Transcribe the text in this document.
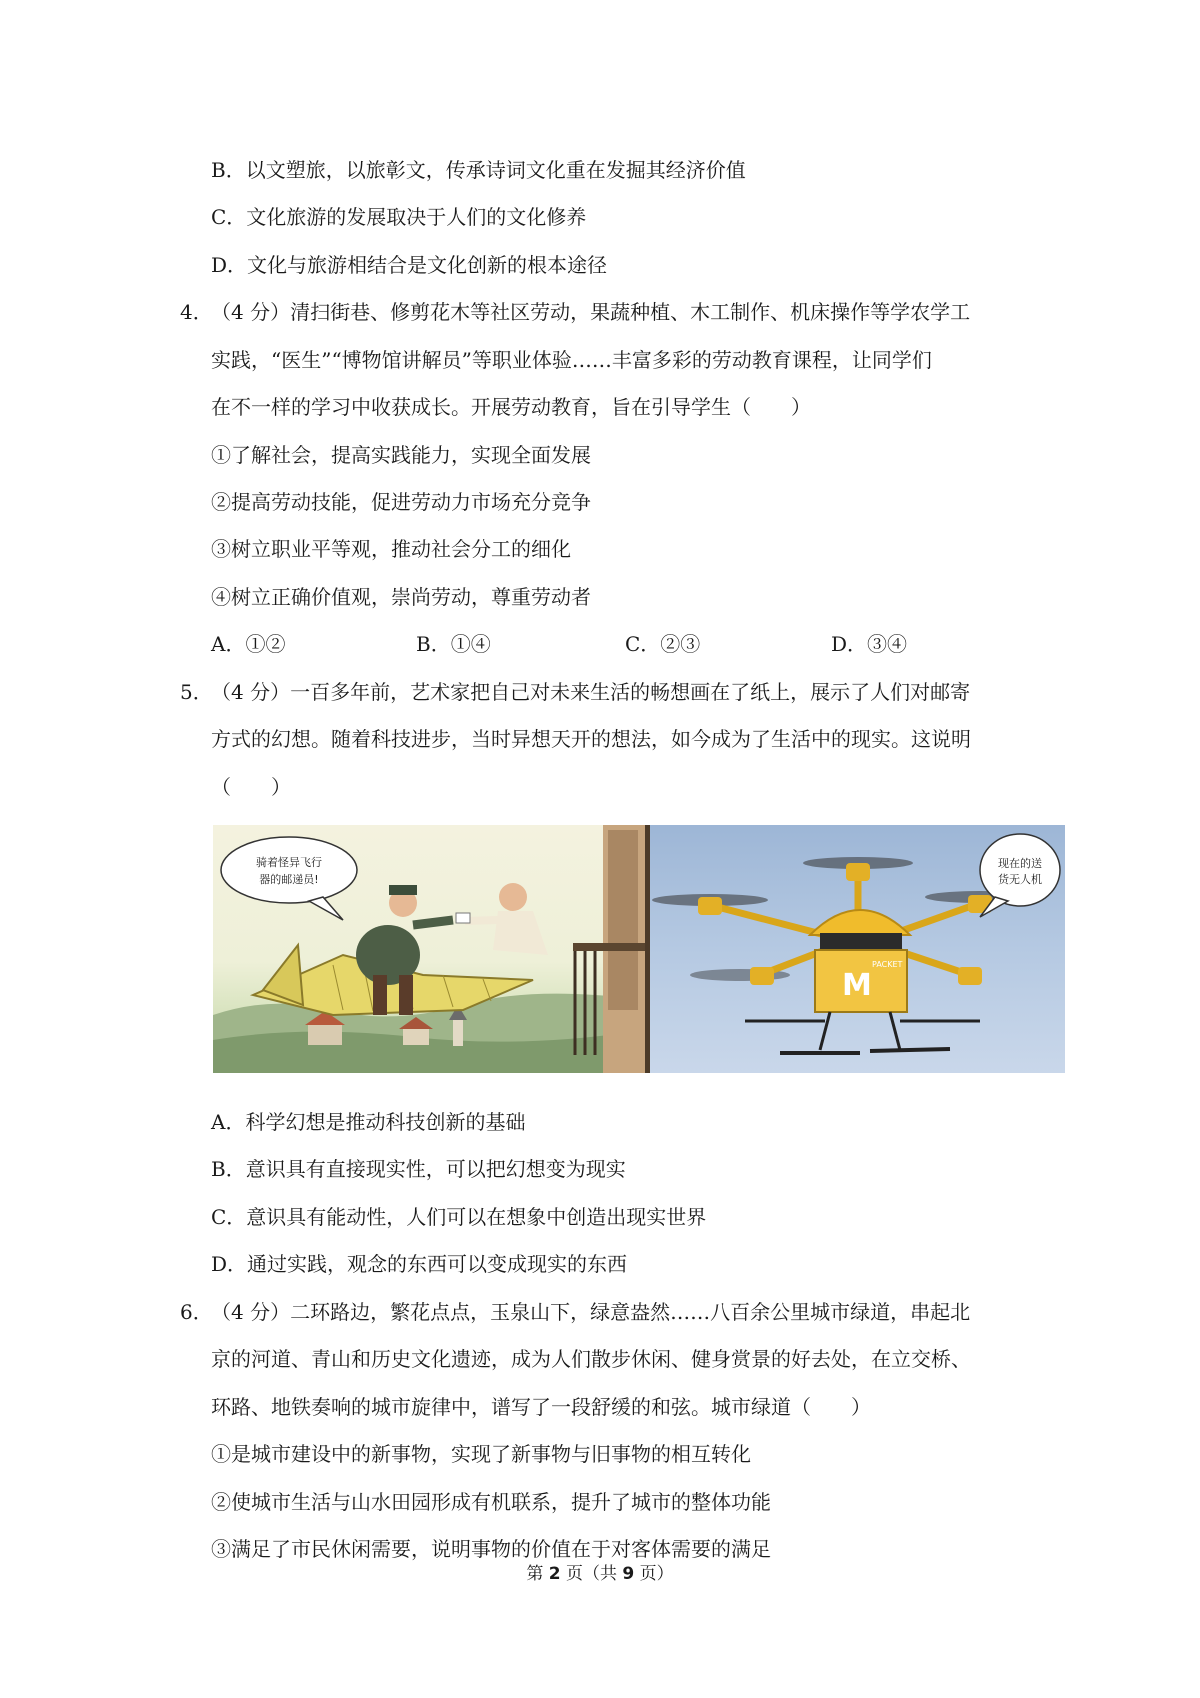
B．以文塑旅，以旅彰文，传承诗词文化重在发掘其经济价值
C．文化旅游的发展取决于人们的文化修养
D．文化与旅游相结合是文化创新的根本途径
4．
（4 分）清扫街巷、修剪花木等社区劳动，果蔬种植、木工制作、机床操作等学农学工
实践，“医生”“博物馆讲解员”等职业体验……丰富多彩的劳动教育课程，让同学们
在不一样的学习中收获成长。开展劳动教育，旨在引导学生（　　）
①了解社会，提高实践能力，实现全面发展
②提高劳动技能，促进劳动力市场充分竞争
③树立职业平等观，推动社会分工的细化
④树立正确价值观，崇尚劳动，尊重劳动者
A．①②	B．①④	C．②③	D．③④
5．
（4 分）一百多年前，艺术家把自己对未来生活的畅想画在了纸上，展示了人们对邮寄
方式的幻想。随着科技进步，当时异想天开的想法，如今成为了生活中的现实。这说明
（　　）
骑着怪异飞行
器的邮递员!
M
PACKET
现在的送
货无人机
A．科学幻想是推动科技创新的基础
B．意识具有直接现实性，可以把幻想变为现实
C．意识具有能动性，人们可以在想象中创造出现实世界
D．通过实践，观念的东西可以变成现实的东西
6．
（4 分）二环路边，繁花点点，玉泉山下，绿意盎然……八百余公里城市绿道，串起北
京的河道、青山和历史文化遗迹，成为人们散步休闲、健身赏景的好去处，在立交桥、
环路、地铁奏响的城市旋律中，谱写了一段舒缓的和弦。城市绿道（　　）
①是城市建设中的新事物，实现了新事物与旧事物的相互转化
②使城市生活与山水田园形成有机联系，提升了城市的整体功能
③满足了市民休闲需要，说明事物的价值在于对客体需要的满足
第 2 页（共 9 页）
